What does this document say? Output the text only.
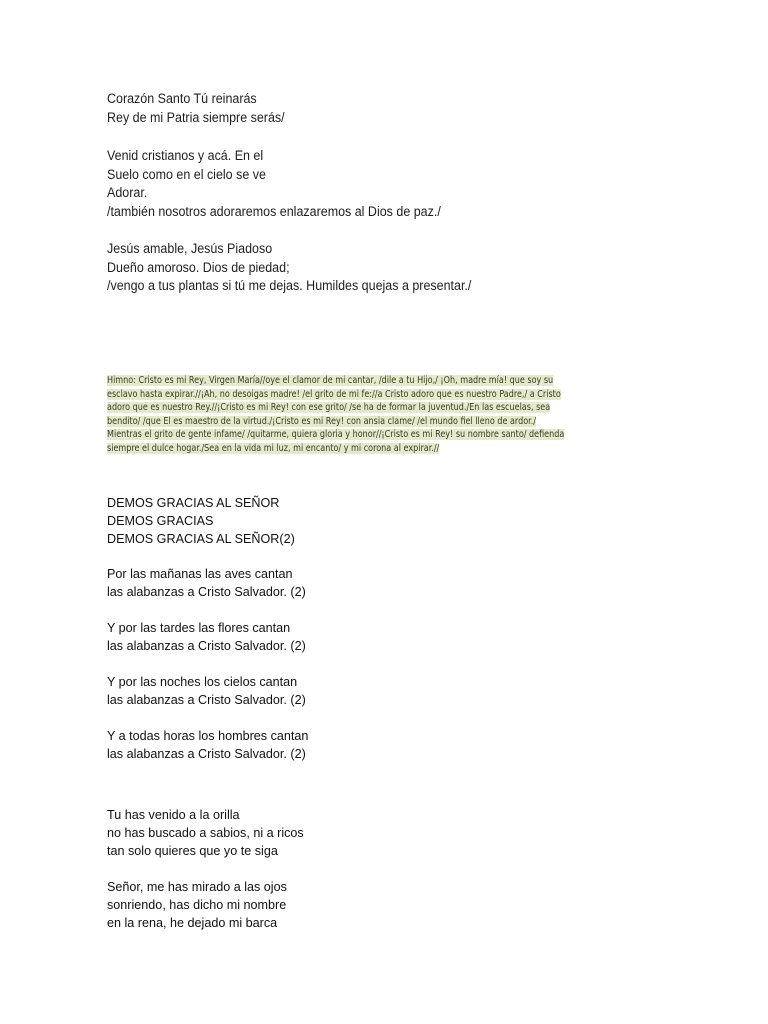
Corazón Santo Tú reinarás
Rey de mi Patria siempre serás/
Venid cristianos y acá. En el
Suelo como en el cielo se ve
Adorar.
/también nosotros adoraremos enlazaremos al Dios de paz./
Jesús amable, Jesús Piadoso
Dueño amoroso. Dios de piedad;
/vengo a tus plantas si tú me dejas. Humildes quejas a presentar./
Himno: Cristo es mi Rey, Virgen María//oye el clamor de mi cantar, /dile a tu Hijo,/ ¡Oh, madre mía! que soy su
esclavo hasta expirar.//¡Ah, no desoigas madre! /el grito de mi fe://a Cristo adoro que es nuestro Padre,/ a Cristo
adoro que es nuestro Rey.//¡Cristo es mi Rey! con ese grito/ /se ha de formar la juventud./En las escuelas, sea
bendito/ /que El es maestro de la virtud./¡Cristo es mi Rey! con ansia clame/ /el mundo fiel lleno de ardor./
Mientras el grito de gente infame/ /quitarme, quiera gloria y honor//¡Cristo es mi Rey! su nombre santo/ defienda
siempre el dulce hogar./Sea en la vida mi luz, mi encanto/ y mi corona al expirar.//
DEMOS GRACIAS AL SEÑOR
DEMOS GRACIAS
DEMOS GRACIAS AL SEÑOR(2)
Por las mañanas las aves cantan
las alabanzas a Cristo Salvador. (2)
Y por las tardes las flores cantan
las alabanzas a Cristo Salvador. (2)
Y por las noches los cielos cantan
las alabanzas a Cristo Salvador. (2)
Y a todas horas los hombres cantan
las alabanzas a Cristo Salvador. (2)
Tu has venido a la orilla
no has buscado a sabios, ni a ricos
tan solo quieres que yo te siga
Señor, me has mirado a las ojos
sonriendo, has dicho mi nombre
en la rena, he dejado mi barca
